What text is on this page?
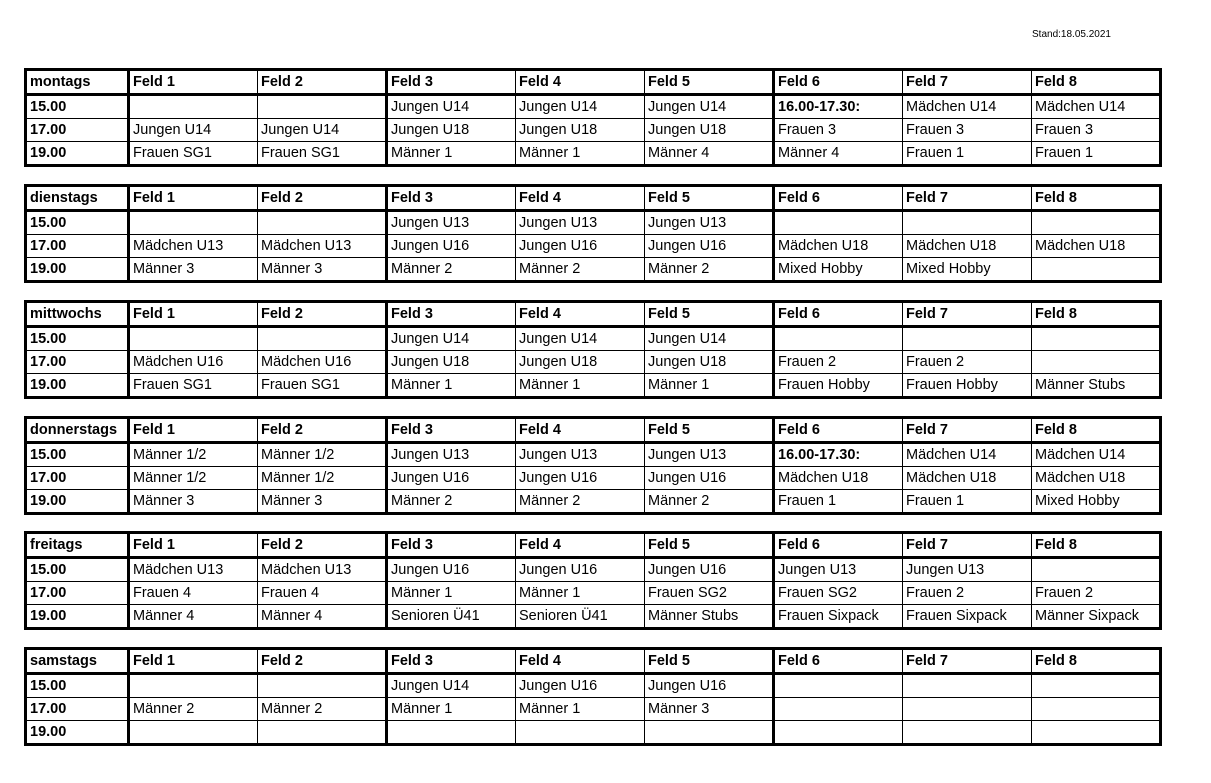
Stand:18.05.2021
montags	Feld 1	Feld 2	Feld 3	Feld 4	Feld 5	Feld 6	Feld 7	Feld 8
15.00			Jungen U14	Jungen U14	Jungen U14	16.00-17.30:	Mädchen U14	Mädchen U14
17.00	Jungen U14	Jungen U14	Jungen U18	Jungen U18	Jungen U18	Frauen 3	Frauen 3	Frauen 3
19.00	Frauen SG1	Frauen SG1	Männer 1	Männer 1	Männer 4	Männer 4	Frauen 1	Frauen 1
dienstags	Feld 1	Feld 2	Feld 3	Feld 4	Feld 5	Feld 6	Feld 7	Feld 8
15.00			Jungen U13	Jungen U13	Jungen U13			
17.00	Mädchen U13	Mädchen U13	Jungen U16	Jungen U16	Jungen U16	Mädchen U18	Mädchen U18	Mädchen U18
19.00	Männer 3	Männer 3	Männer 2	Männer 2	Männer 2	Mixed Hobby	Mixed Hobby	
mittwochs	Feld 1	Feld 2	Feld 3	Feld 4	Feld 5	Feld 6	Feld 7	Feld 8
15.00			Jungen U14	Jungen U14	Jungen U14			
17.00	Mädchen U16	Mädchen U16	Jungen U18	Jungen U18	Jungen U18	Frauen 2	Frauen 2	
19.00	Frauen SG1	Frauen SG1	Männer 1	Männer 1	Männer 1	Frauen Hobby	Frauen Hobby	Männer Stubs
donnerstags	Feld 1	Feld 2	Feld 3	Feld 4	Feld 5	Feld 6	Feld 7	Feld 8
15.00	Männer 1/2	Männer 1/2	Jungen U13	Jungen U13	Jungen U13	16.00-17.30:	Mädchen U14	Mädchen U14
17.00	Männer 1/2	Männer 1/2	Jungen U16	Jungen U16	Jungen U16	Mädchen U18	Mädchen U18	Mädchen U18
19.00	Männer 3	Männer 3	Männer 2	Männer 2	Männer 2	Frauen 1	Frauen 1	Mixed Hobby
freitags	Feld 1	Feld 2	Feld 3	Feld 4	Feld 5	Feld 6	Feld 7	Feld 8
15.00	Mädchen U13	Mädchen U13	Jungen U16	Jungen U16	Jungen U16	Jungen U13	Jungen U13	
17.00	Frauen 4	Frauen 4	Männer 1	Männer 1	Frauen SG2	Frauen SG2	Frauen 2	Frauen 2
19.00	Männer 4	Männer 4	Senioren Ü41	Senioren Ü41	Männer Stubs	Frauen Sixpack	Frauen Sixpack	Männer Sixpack
samstags	Feld 1	Feld 2	Feld 3	Feld 4	Feld 5	Feld 6	Feld 7	Feld 8
15.00			Jungen U14	Jungen U16	Jungen U16			
17.00	Männer 2	Männer 2	Männer 1	Männer 1	Männer 3			
19.00								
